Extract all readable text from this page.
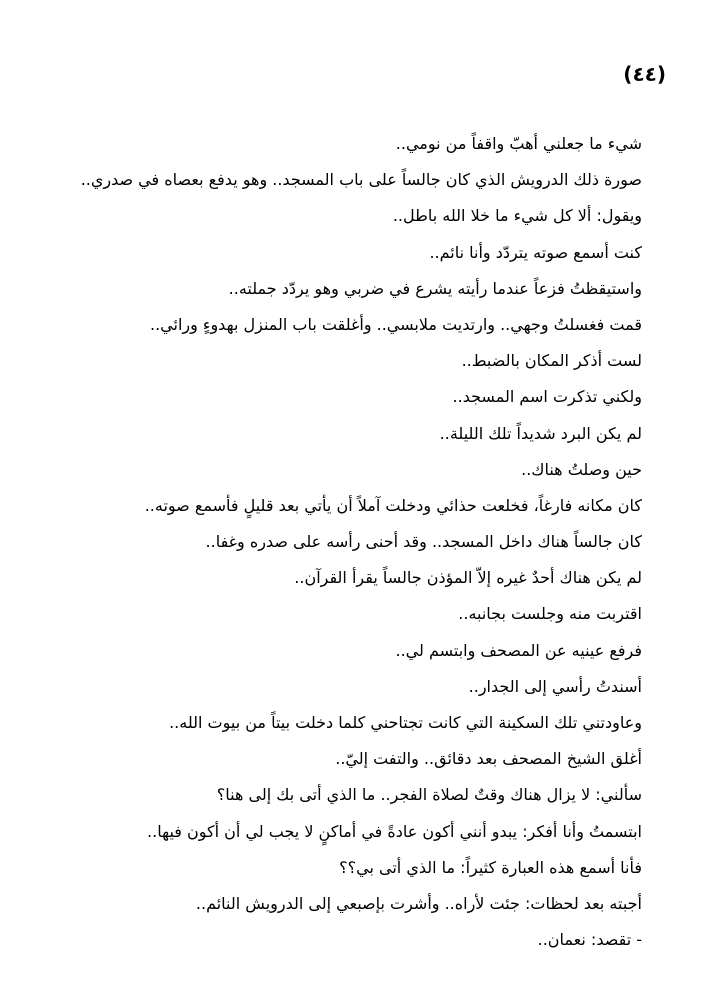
(٤٤)
شيء ما جعلني أهبّ واقفاً من نومي..
صورة ذلك الدرويش الذي كان جالساً على باب المسجد.. وهو يدفع بعصاه في صدري..
ويقول: ألا كل شيء ما خلا الله باطل..
كنت أسمع صوته يتردّد وأنا نائم..
واستيقظتُ فزعاً عندما رأيته يشرع في ضربي وهو يردّد جملته..
قمت فغسلتُ وجهي.. وارتديت ملابسي.. وأغلقت باب المنزل بهدوءٍ ورائي..
لست أذكر المكان بالضبط..
ولكني تذكرت اسم المسجد..
لم يكن البرد شديداً تلك الليلة..
حين وصلتُ هناك..
كان مكانه فارغاً، فخلعت حذائي ودخلت آملاً أن يأتي بعد قليلٍ فأسمع صوته..
كان جالساً هناك داخل المسجد.. وقد أحنى رأسه على صدره وغفا..
لم يكن هناك أحدٌ غيره إلاّ المؤذن جالساً يقرأ القرآن..
اقتربت منه وجلست بجانبه..
فرفع عينيه عن المصحف وابتسم لي..
أسندتُ رأسي إلى الجدار..
وعاودتني تلك السكينة التي كانت تجتاحني كلما دخلت بيتاً من بيوت الله..
أغلق الشيخ المصحف بعد دقائق.. والتفت إليّ..
سألني: لا يزال هناك وقتٌ لصلاة الفجر.. ما الذي أتى بك إلى هنا؟
ابتسمتُ وأنا أفكر: يبدو أنني أكون عادةً في أماكنٍ لا يجب لي أن أكون فيها..
فأنا أسمع هذه العبارة كثيراً: ما الذي أتى بي؟؟
أجبته بعد لحظات: جئت لأراه.. وأشرت بإصبعي إلى الدرويش النائم..
- تقصد: نعمان..
